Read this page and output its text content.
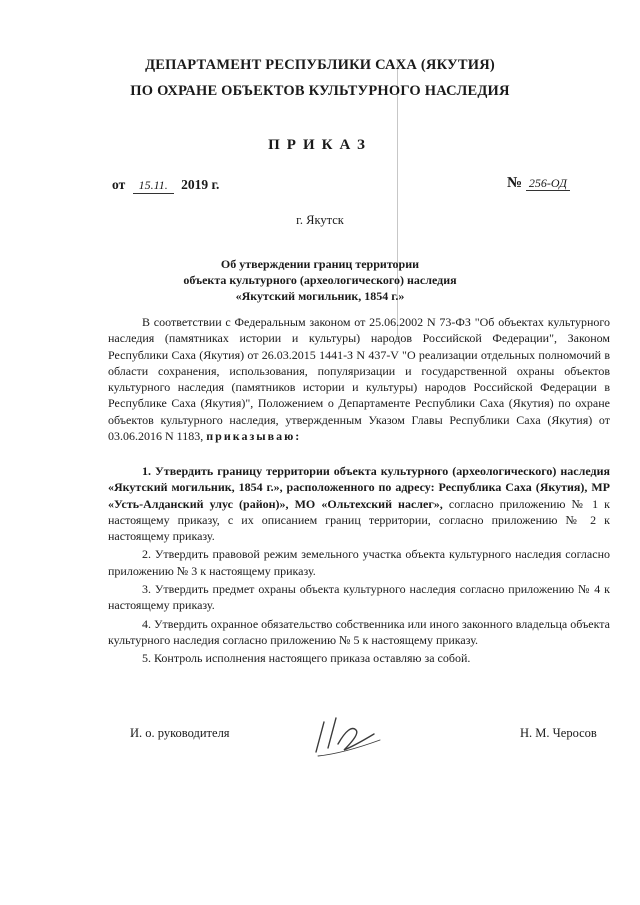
ДЕПАРТАМЕНТ РЕСПУБЛИКИ САХА (ЯКУТИЯ)
ПО ОХРАНЕ ОБЪЕКТОВ КУЛЬТУРНОГО НАСЛЕДИЯ
ПРИКАЗ
от 15.11. 2019 г.	№ 256-ОД
г. Якутск
Об утверждении границ территории
объекта культурного (археологического) наследия
«Якутский могильник, 1854 г.»
В соответствии с Федеральным законом от 25.06.2002 N 73-ФЗ "Об объектах культурного наследия (памятниках истории и культуры) народов Российской Федерации", Законом Республики Саха (Якутия) от 26.03.2015 1441-З N 437-V "О реализации отдельных полномочий в области сохранения, использования, популяризации и государственной охраны объектов культурного наследия (памятников истории и культуры) народов Российской Федерации в Республике Саха (Якутия)", Положением о Департаменте Республики Саха (Якутия) по охране объектов культурного наследия, утвержденным Указом Главы Республики Саха (Якутия) от 03.06.2016 N 1183, приказываю:

1. Утвердить границу территории объекта культурного (археологического) наследия «Якутский могильник, 1854 г.», расположенного по адресу: Республика Саха (Якутия), МР «Усть-Алданский улус (район)», МО «Ольтехский наслег», согласно приложению № 1 к настоящему приказу, с их описанием границ территории, согласно приложению № 2 к настоящему приказу.

2. Утвердить правовой режим земельного участка объекта культурного наследия согласно приложению № 3 к настоящему приказу.

3. Утвердить предмет охраны объекта культурного наследия согласно приложению № 4 к настоящему приказу.

4. Утвердить охранное обязательство собственника или иного законного владельца объекта культурного наследия согласно приложению № 5 к настоящему приказу.

5. Контроль исполнения настоящего приказа оставляю за собой.

И. о. руководителя	Н. М. Черосов
